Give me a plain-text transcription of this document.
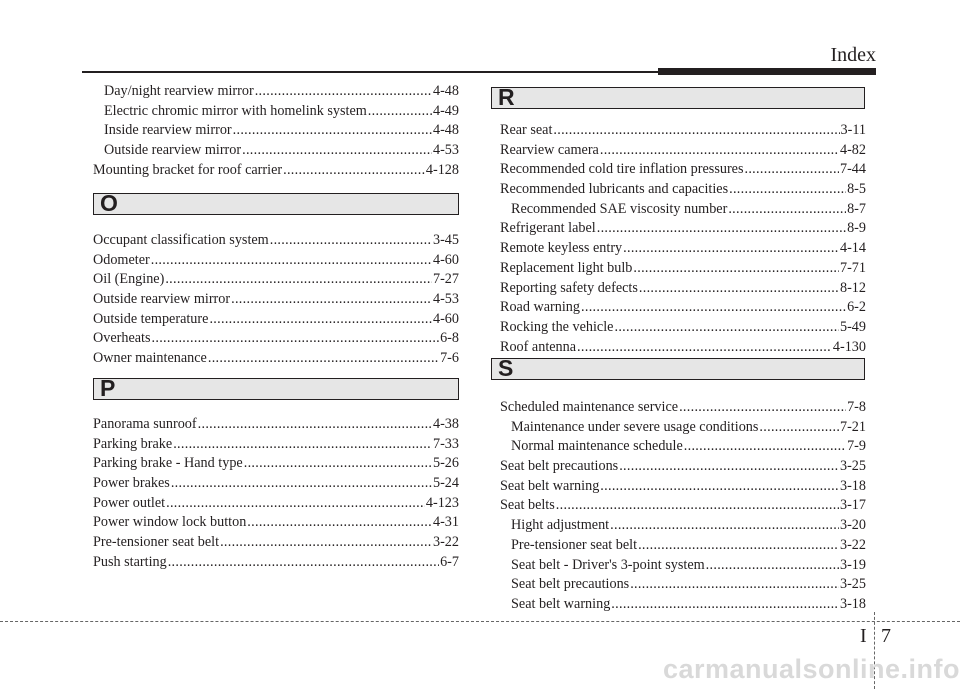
Index
Day/night rearview mirror .....	4-48
Electric chromic mirror with homelink system .....	4-49
Inside rearview mirror .....	4-48
Outside rearview mirror .....	4-53
Mounting bracket for roof carrier .....	4-128
O
Occupant classification system .....	3-45
Odometer .....	4-60
Oil (Engine) .....	7-27
Outside rearview mirror .....	4-53
Outside temperature .....	4-60
Overheats .....	6-8
Owner maintenance .....	7-6
P
Panorama sunroof .....	4-38
Parking brake .....	7-33
Parking brake - Hand type .....	5-26
Power brakes .....	5-24
Power outlet .....	4-123
Power window lock button .....	4-31
Pre-tensioner seat belt .....	3-22
Push starting .....	6-7
R
Rear seat .....	3-11
Rearview camera .....	4-82
Recommended cold tire inflation pressures .....	7-44
Recommended lubricants and capacities .....	8-5
Recommended SAE viscosity number .....	8-7
Refrigerant label .....	8-9
Remote keyless entry .....	4-14
Replacement light bulb .....	7-71
Reporting safety defects .....	8-12
Road warning .....	6-2
Rocking the vehicle .....	5-49
Roof antenna .....	4-130
S
Scheduled maintenance service .....	7-8
Maintenance under severe usage conditions .....	7-21
Normal maintenance schedule .....	7-9
Seat belt precautions .....	3-25
Seat belt warning .....	3-18
Seat belts .....	3-17
Hight adjustment .....	3-20
Pre-tensioner seat belt .....	3-22
Seat belt - Driver's 3-point system .....	3-19
Seat belt precautions .....	3-25
Seat belt warning .....	3-18
I 7
carmanualsonline.info
